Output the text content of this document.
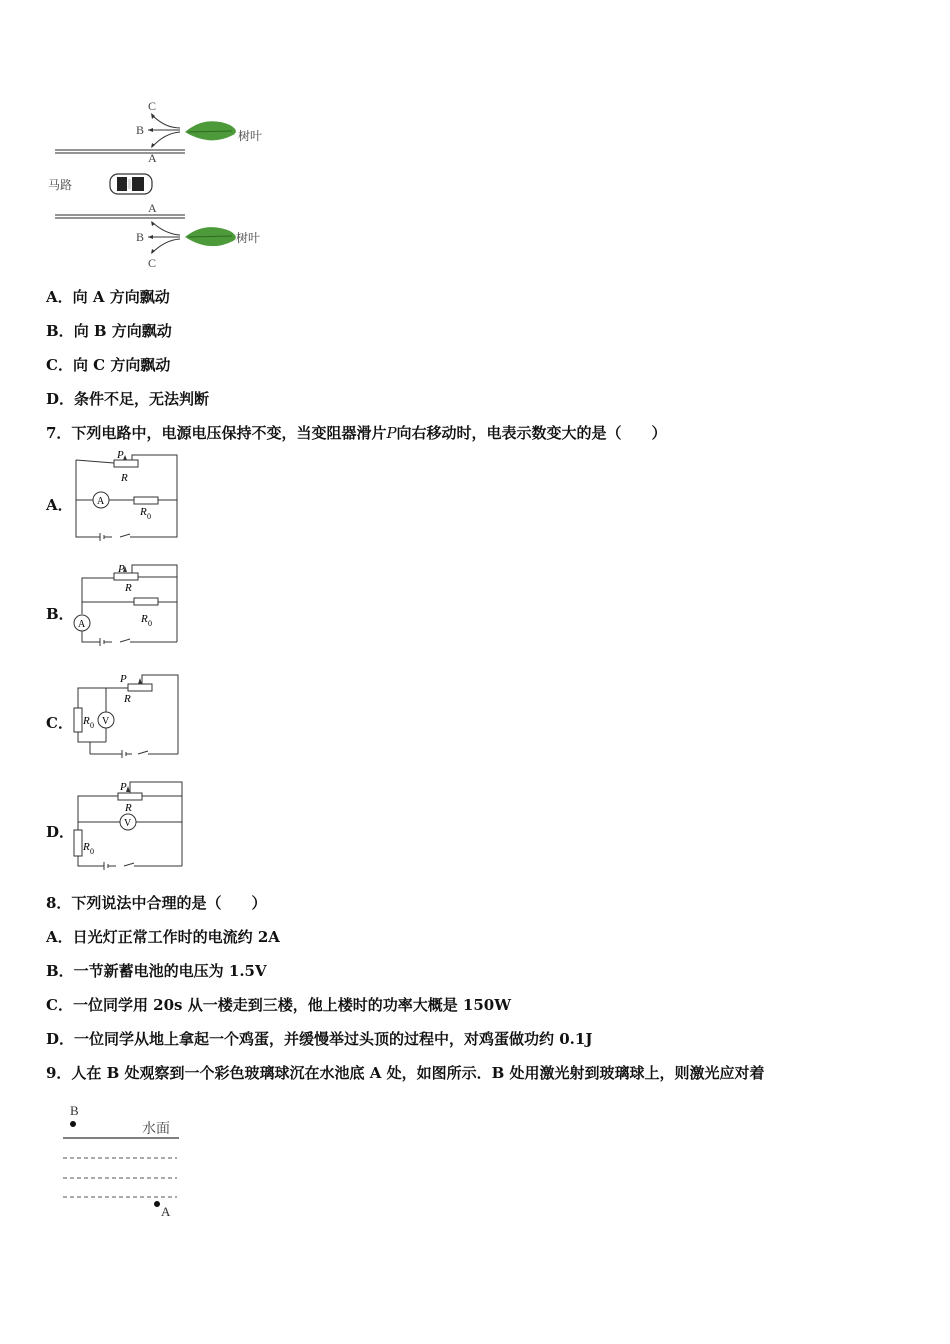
C
B
A
树叶
马路
A
B
C
树叶
A．向 A 方向飘动
B．向 B 方向飘动
C．向 C 方向飘动
D．条件不足，无法判断
7．下列电路中，电源电压保持不变，当变阻器滑片P向右移动时，电表示数变大的是（　　）
A．
B．
C．
D．
P
R
A
R 0
P
R
A	R 0
P
R
R 0 V
P
R
V
R 0
8．下列说法中合理的是（　　）
A．日光灯正常工作时的电流约 2A
B．一节新蓄电池的电压为 1.5V
C．一位同学用 20s 从一楼走到三楼，他上楼时的功率大概是 150W
D．一位同学从地上拿起一个鸡蛋，并缓慢举过头顶的过程中，对鸡蛋做功约 0.1J
9．人在 B 处观察到一个彩色玻璃球沉在水池底 A 处，如图所示．B 处用激光射到玻璃球上，则激光应对着
B
水面
A
